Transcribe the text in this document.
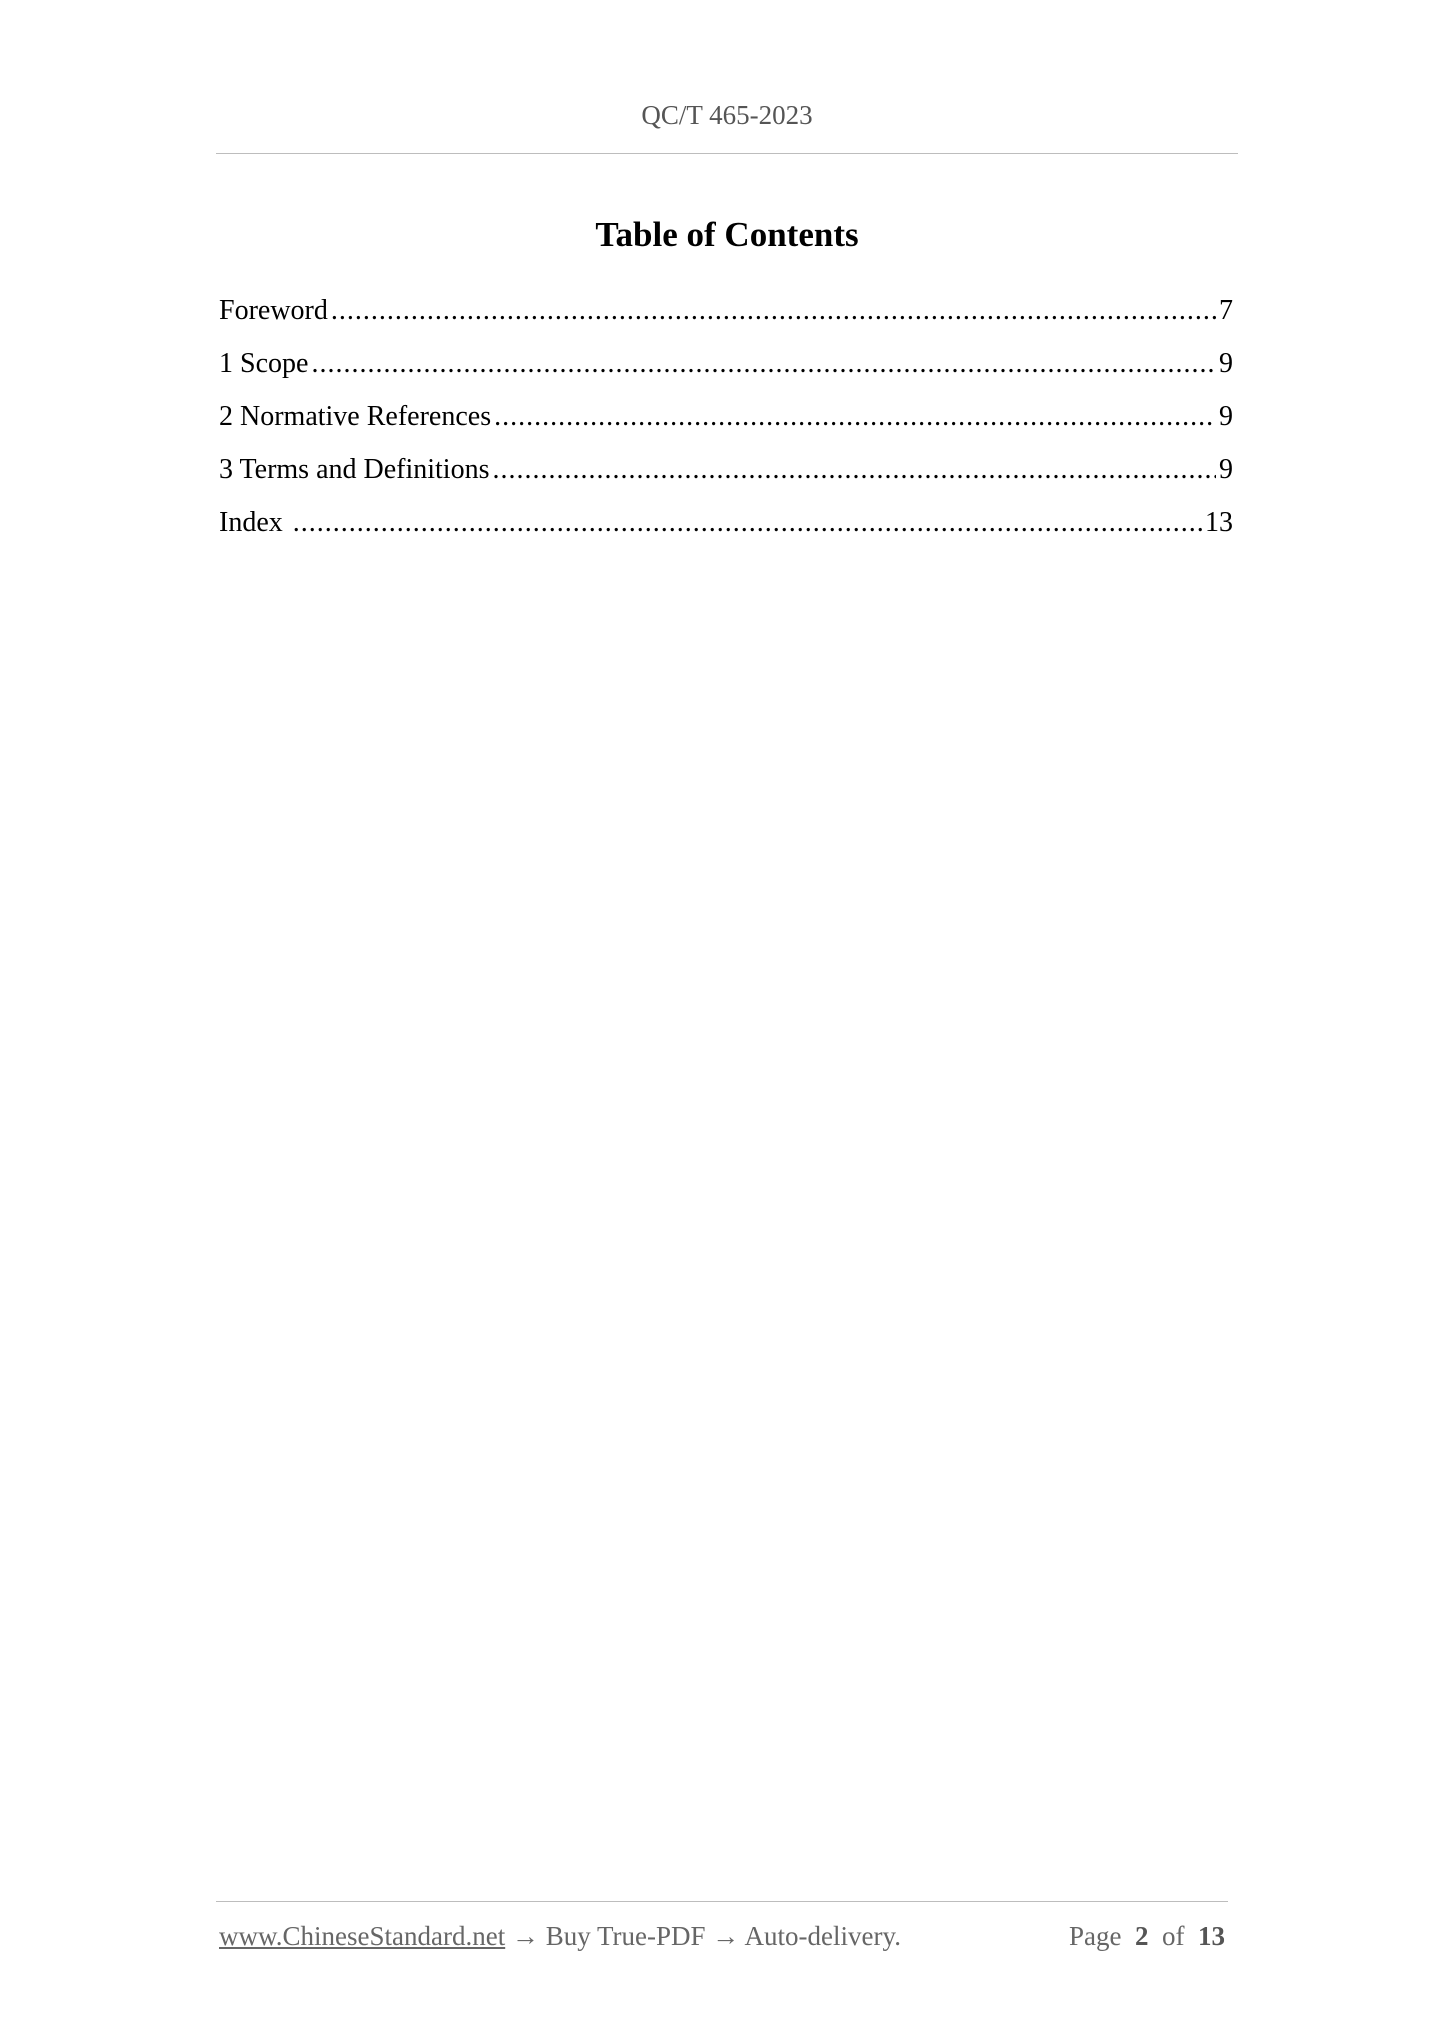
QC/T 465-2023
Table of Contents
Foreword .....	7
1 Scope .....	9
2 Normative References .....	9
3 Terms and Definitions .....	9
Index .....	13
www.ChineseStandard.net → Buy True-PDF → Auto-delivery.	Page 2 of 13
